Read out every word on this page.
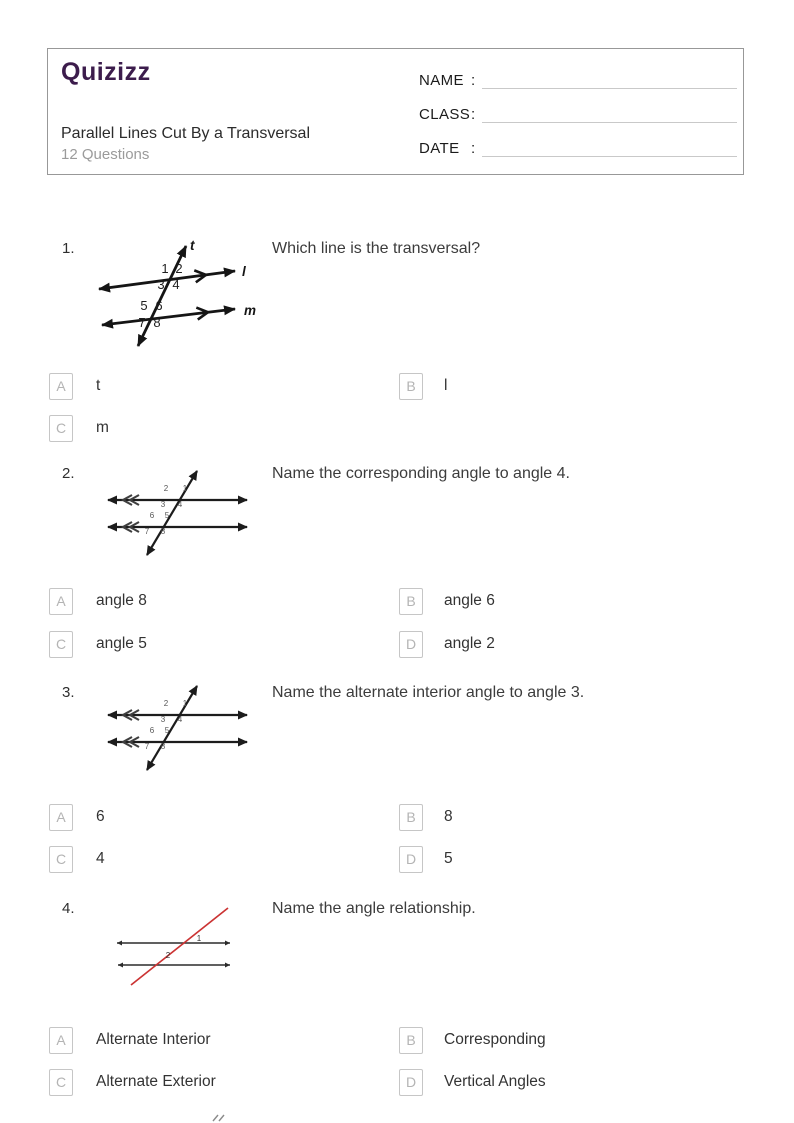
Quizizz
Parallel Lines Cut By a Transversal
12 Questions
NAME :
CLASS :
DATE :
1.	Which line is the transversal?
t
l
m
1 2
3 4
5 6
7 8
A	t	B	l
C	m
2.	Name the corresponding angle to angle 4.
2 1
3 4
6 5
7 8
A	angle 8	B	angle 6
C	angle 5	D	angle 2
3.	Name the alternate interior angle to angle 3.
2 1
3 4
6 5
7 8
A	6	B	8
C	4	D	5
4.	Name the angle relationship.
1
2
A	Alternate Interior	B	Corresponding
C	Alternate Exterior	D	Vertical Angles
